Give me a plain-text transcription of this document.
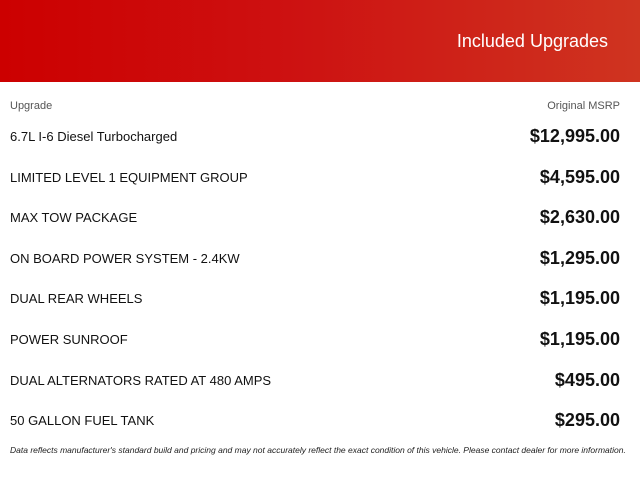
Included Upgrades
Upgrade	Original MSRP
6.7L I-6 Diesel Turbocharged	$12,995.00
LIMITED LEVEL 1 EQUIPMENT GROUP	$4,595.00
MAX TOW PACKAGE	$2,630.00
ON BOARD POWER SYSTEM - 2.4KW	$1,295.00
DUAL REAR WHEELS	$1,195.00
POWER SUNROOF	$1,195.00
DUAL ALTERNATORS RATED AT 480 AMPS	$495.00
50 GALLON FUEL TANK	$295.00
Data reflects manufacturer's standard build and pricing and may not accurately reflect the exact condition of this vehicle. Please contact dealer for more information.
